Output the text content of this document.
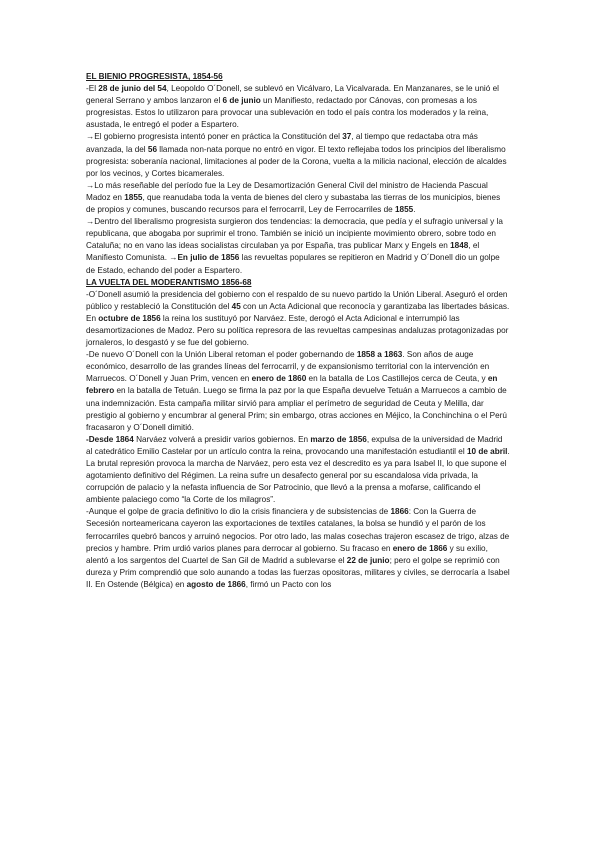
EL BIENIO PROGRESISTA, 1854-56

-El 28 de junio del 54, Leopoldo O´Donell, se sublevó en Vicálvaro, La Vicalvarada. En Manzanares, se le unió el general Serrano y ambos lanzaron el 6 de junio un Manifiesto, redactado por Cánovas, con promesas a los progresistas. Estos lo utilizaron para provocar una sublevación en todo el país contra los moderados y la reina, asustada, le entregó el poder a Espartero.

→El gobierno progresista intentó poner en práctica la Constitución del 37, al tiempo que redactaba otra más avanzada, la del 56 llamada non-nata porque no entró en vigor. El texto reflejaba todos los principios del liberalismo progresista: soberanía nacional, limitaciones al poder de la Corona, vuelta a la milicia nacional, elección de alcaldes por los vecinos, y Cortes bicamerales.

→Lo más reseñable del período fue la Ley de Desamortización General Civil del ministro de Hacienda Pascual Madoz en 1855, que reanudaba toda la venta de bienes del clero y subastaba las tierras de los municipios, bienes de propios y comunes, buscando recursos para el ferrocarril, Ley de Ferrocarriles de 1855.

→Dentro del liberalismo progresista surgieron dos tendencias: la democracia, que pedía y el sufragio universal y la republicana, que abogaba por suprimir el trono. También se inició un incipiente movimiento obrero, sobre todo en Cataluña; no en vano las ideas socialistas circulaban ya por España, tras publicar Marx y Engels en 1848, el Manifiesto Comunista. →En julio de 1856 las revueltas populares se repitieron en Madrid y O´Donell dio un golpe de Estado, echando del poder a Espartero.

LA VUELTA DEL MODERANTISMO 1856-68

-O´Donell asumió la presidencia del gobierno con el respaldo de su nuevo partido la Unión Liberal. Aseguró el orden público y restableció la Constitución del 45 con un Acta Adicional que reconocía y garantizaba las libertades básicas. En octubre de 1856 la reina los sustituyó por Narváez. Este, derogó el Acta Adicional e interrumpió las desamortizaciones de Madoz. Pero su política represora de las revueltas campesinas andaluzas protagonizadas por jornaleros, lo desgastó y se fue del gobierno.

-De nuevo O´Donell con la Unión Liberal retoman el poder gobernando de 1858 a 1863. Son años de auge económico, desarrollo de las grandes líneas del ferrocarril, y de expansionismo territorial con la intervención en Marruecos. O´Donell y Juan Prim, vencen en enero de 1860 en la batalla de Los Castillejos cerca de Ceuta, y en febrero en la batalla de Tetuán. Luego se firma la paz por la que España devuelve Tetuán a Marruecos a cambio de una indemnización. Esta campaña militar sirvió para ampliar el perímetro de seguridad de Ceuta y Melilla, dar prestigio al gobierno y encumbrar al general Prim; sin embargo, otras acciones en Méjico, la Conchinchina o el Perú fracasaron y O´Donell dimitió.

-Desde 1864 Narváez volverá a presidir varios gobiernos. En marzo de 1856, expulsa de la universidad de Madrid al catedrático Emilio Castelar por un artículo contra la reina, provocando una manifestación estudiantil el 10 de abril. La brutal represión provoca la marcha de Narváez, pero esta vez el descredito es ya para Isabel II, lo que supone el agotamiento definitivo del Régimen. La reina sufre un desafecto general por su escandalosa vida privada, la corrupción de palacio y la nefasta influencia de Sor Patrocinio, que llevó a la prensa a mofarse, calificando el ambiente palaciego como “la Corte de los milagros”.

-Aunque el golpe de gracia definitivo lo dio la crisis financiera y de subsistencias de 1866: Con la Guerra de Secesión norteamericana cayeron las exportaciones de textiles catalanes, la bolsa se hundió y el parón de los ferrocarriles quebró bancos y arruinó negocios. Por otro lado, las malas cosechas trajeron escasez de trigo, alzas de precios y hambre. Prim urdió varios planes para derrocar al gobierno. Su fracaso en enero de 1866 y su exilio, alentó a los sargentos del Cuartel de San Gil de Madrid a sublevarse el 22 de junio; pero el golpe se reprimió con dureza y Prim comprendió que solo aunando a todas las fuerzas opositoras, militares y civiles, se derrocaría a Isabel II. En Ostende (Bélgica) en agosto de 1866, firmó un Pacto con los
